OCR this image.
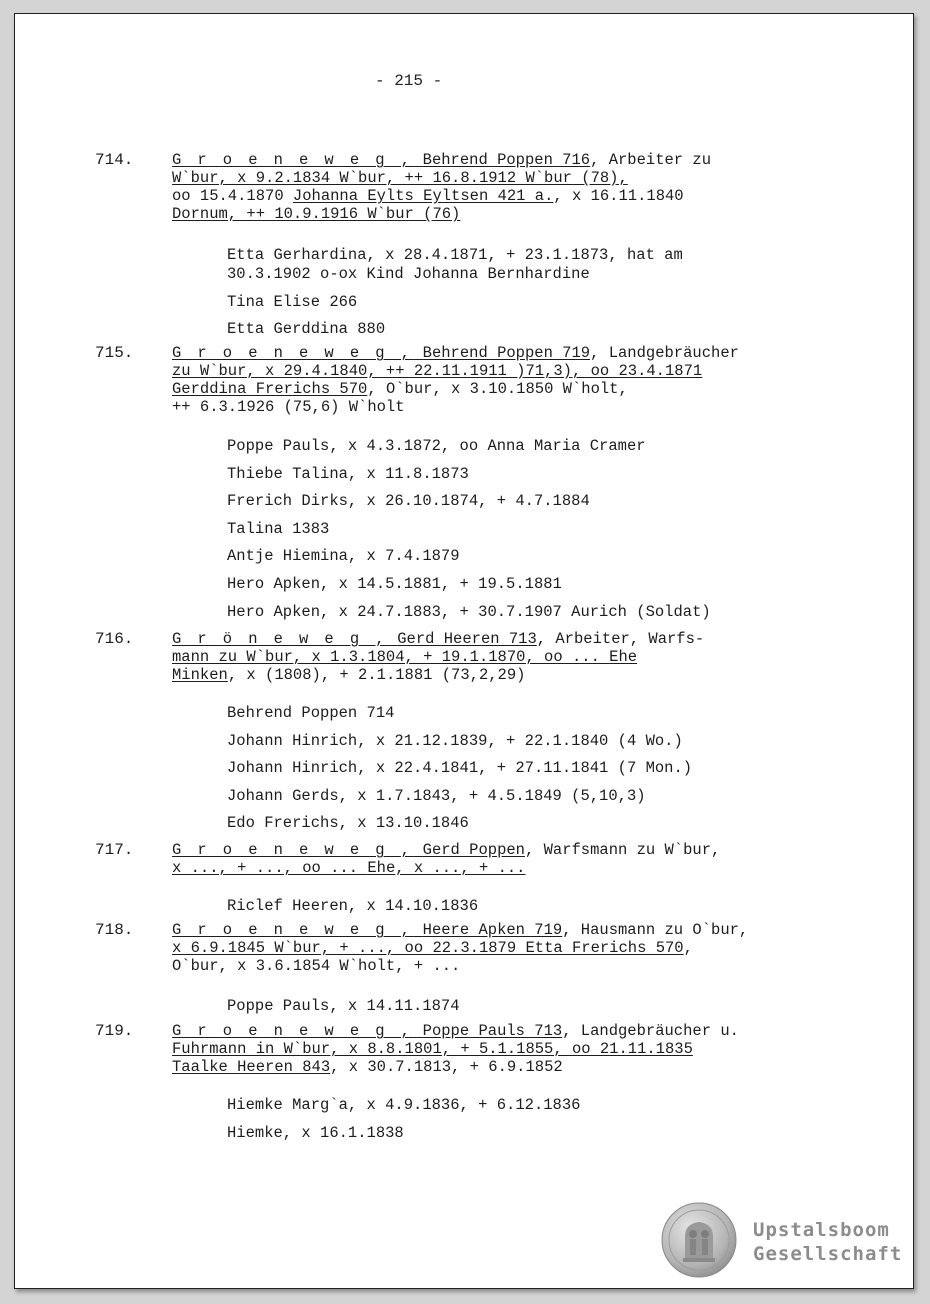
- 215 -
714. G r o e n e w e g , Behrend Poppen 716, Arbeiter zu
W`bur, x 9.2.1834 W`bur, ++ 16.8.1912 W`bur (78),
oo 15.4.1870 Johanna Eylts Eyltsen 421 a., x 16.11.1840
Dornum, ++ 10.9.1916 W`bur (76)
Etta Gerhardina, x 28.4.1871, + 23.1.1873, hat am
30.3.1902 o-ox Kind Johanna Bernhardine
Tina Elise 266
Etta Gerddina 880
715. G r o e n e w e g , Behrend Poppen 719, Landgebräucher
zu W`bur, x 29.4.1840, ++ 22.11.1911 )71,3), oo 23.4.1871
Gerddina Frerichs 570, O`bur, x 3.10.1850 W`holt,
++ 6.3.1926 (75,6) W`holt
Poppe Pauls, x 4.3.1872, oo Anna Maria Cramer
Thiebe Talina, x 11.8.1873
Frerich Dirks, x 26.10.1874, + 4.7.1884
Talina 1383
Antje Hiemina, x 7.4.1879
Hero Apken, x 14.5.1881, + 19.5.1881
Hero Apken, x 24.7.1883, + 30.7.1907 Aurich (Soldat)
716. G r ö n e w e g , Gerd Heeren 713, Arbeiter, Warfs-
mann zu W`bur, x 1.3.1804, + 19.1.1870, oo ... Ehe
Minken, x (1808), + 2.1.1881 (73,2,29)
Behrend Poppen 714
Johann Hinrich, x 21.12.1839, + 22.1.1840 (4 Wo.)
Johann Hinrich, x 22.4.1841, + 27.11.1841 (7 Mon.)
Johann Gerds, x 1.7.1843, + 4.5.1849 (5,10,3)
Edo Frerichs, x 13.10.1846
717. G r o e n e w e g , Gerd Poppen, Warfsmann zu W`bur,
x ..., + ..., oo ... Ehe, x ..., + ...
Riclef Heeren, x 14.10.1836
718. G r o e n e w e g , Heere Apken 719, Hausmann zu O`bur,
x 6.9.1845 W`bur, + ..., oo 22.3.1879 Etta Frerichs 570,
O`bur, x 3.6.1854 W`holt, + ...
Poppe Pauls, x 14.11.1874
719. G r o e n e w e g , Poppe Pauls 713, Landgebräucher u.
Fuhrmann in W`bur, x 8.8.1801, + 5.1.1855, oo 21.11.1835
Taalke Heeren 843, x 30.7.1813, + 6.9.1852
Hiemke Marg`a, x 4.9.1836, + 6.12.1836
Hiemke, x 16.1.1838
Upstalsboom
Gesellschaft
